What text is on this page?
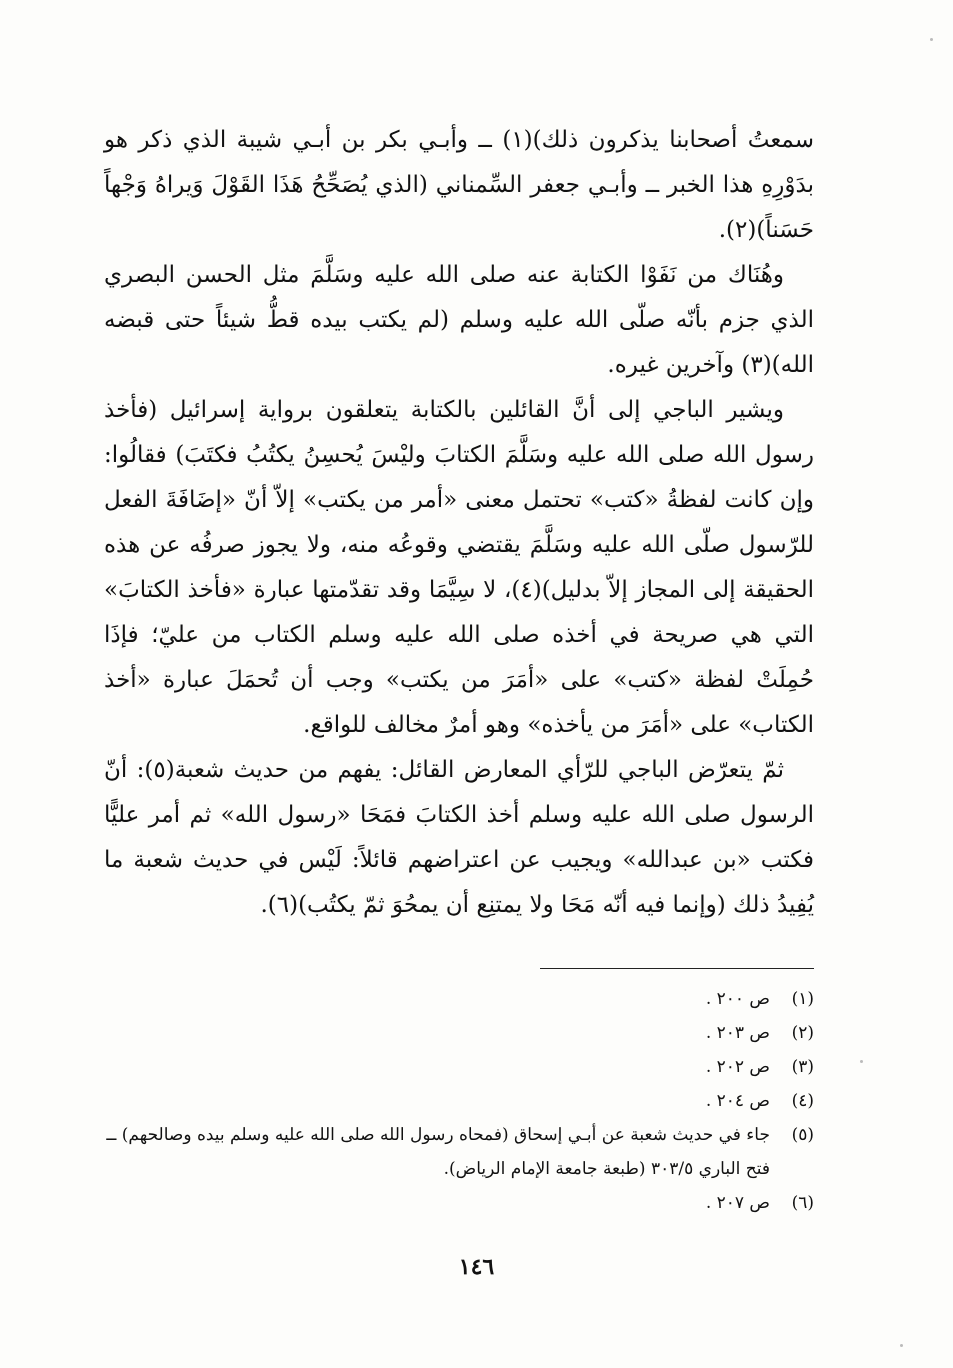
سمعتُ أصحابنا يذكرون ذلك)(١) ــ وأبـي بكر بن أبـي شيبة الذي ذكر هو بدَوْرِهِ هذا الخبر ــ وأبـي جعفر السِّمناني (الذي يُصَحِّحُ هَذَا القَوْلَ وَيراهُ وَجْهاً حَسَناً)(٢).

وهُنَاك من نَفَوْا الكتابة عنه صلى الله عليه وسَلَّمَ مثل الحسن البصري الذي جزم بأنّه صلّى الله عليه وسلم (لم يكتب بيده قطُّ شيئاً حتى قبضه الله)(٣) وآخرين غيره.

ويشير الباجي إلى أنَّ القائلين بالكتابة يتعلقون برواية إسرائيل (فأخذ رسول الله صلى الله عليه وسَلَّمَ الكتابَ وليْسَ يُحسِنُ يكتُبُ فكتَبَ) فقالُوا: وإن كانت لفظةُ «كتب» تحتمل معنى «أمر من يكتب» إلاّ أنّ «إضَافَةَ الفعل للرّسول صلّى الله عليه وسَلَّمَ يقتضي وقوعُه منه، ولا يجوز صرفُه عن هذه الحقيقة إلى المجاز إلاّ بدليل)(٤)، لا سِيَّمَا وقد تقدّمتها عبارة «فأخذ الكتابَ» التي هي صريحة في أخذه صلى الله عليه وسلم الكتاب من عليّ؛ فإذَا حُمِلَتْ لفظة «كتب» على «أمَرَ من يكتب» وجب أن تُحمَلَ عبارة «أخذ الكتاب» على «أمَرَ من يأخذه» وهو أمرٌ مخالف للواقع.

ثمّ يتعرّض الباجي للرّأي المعارض القائل: يفهم من حديث شعبة(٥): أنّ الرسول صلى الله عليه وسلم أخذ الكتابَ فمَحَا «رسول الله» ثم أمر عليًّا فكتب «بن عبدالله» ويجيب عن اعتراضهم قائلاً: لَيْس في حديث شعبة ما يُفِيدُ ذلك (وإنما فيه أنّه مَحَا ولا يمتنِع أن يمحُوَ ثمّ يكتُب)(٦).

(١)
ص ٢٠٠ .
(٢)
ص ٢٠٣ .
(٣)
ص ٢٠٢ .
(٤)
ص ٢٠٤ .
(٥)
جاء في حديث شعبة عن أبـي إسحاق (فمحاه رسول الله صلى الله عليه وسلم بيده وصالحهم) ــ فتح الباري ٣٠٣/٥ (طبعة جامعة الإمام الرياض).
(٦)
ص ٢٠٧ .
١٤٦
